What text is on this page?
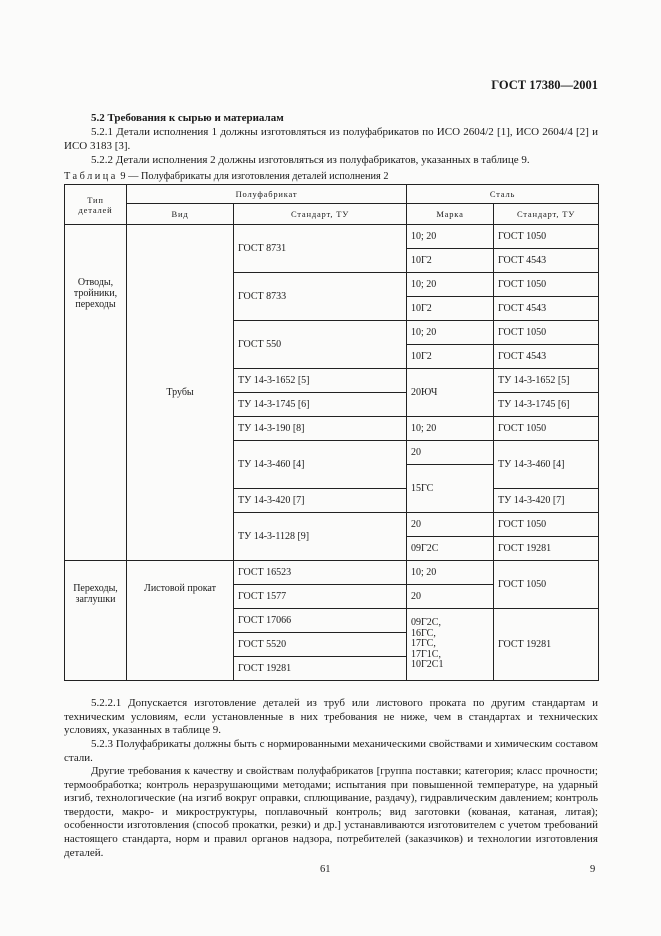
ГОСТ 17380—2001
5.2 Требования к сырью и материалам
5.2.1 Детали исполнения 1 должны изготовляться из полуфабрикатов по ИСО 2604/2 [1], ИСО 2604/4 [2] и ИСО 3183 [3].
5.2.2 Детали исполнения 2 должны изготовляться из полуфабрикатов, указанных в таблице 9.
Таблица 9 — Полуфабрикаты для изготовления деталей исполнения 2
Тип деталей	Полуфабрикат		Сталь	
	Вид	Стандарт, ТУ	Марка	Стандарт, ТУ
Отводы, тройники, переходы	Трубы	ГОСТ 8731	10; 20	ГОСТ 1050
			10Г2	ГОСТ 4543
		ГОСТ 8733	10; 20	ГОСТ 1050
			10Г2	ГОСТ 4543
		ГОСТ 550	10; 20	ГОСТ 1050
			10Г2	ГОСТ 4543
		ТУ 14-3-1652 [5]	20ЮЧ	ТУ 14-3-1652 [5]
		ТУ 14-3-1745 [6]		ТУ 14-3-1745 [6]
		ТУ 14-3-190 [8]	10; 20	ГОСТ 1050
		ТУ 14-3-460 [4]	20	ТУ 14-3-460 [4]
			15ГС	
		ТУ 14-3-420 [7]		ТУ 14-3-420 [7]
		ТУ 14-3-1128 [9]	20	ГОСТ 1050
			09Г2С	ГОСТ 19281
Переходы, заглушки	Листовой прокат	ГОСТ 16523	10; 20	ГОСТ 1050
		ГОСТ 1577	20	
		ГОСТ 17066	09Г2С, 16ГС, 17ГС, 17Г1С, 10Г2С1	ГОСТ 19281
		ГОСТ 5520		
		ГОСТ 19281		
5.2.2.1 Допускается изготовление деталей из труб или листового проката по другим стандартам и техническим условиям, если установленные в них требования не ниже, чем в стандартах и технических условиях, указанных в таблице 9.
5.2.3 Полуфабрикаты должны быть с нормированными механическими свойствами и химическим составом стали.
Другие требования к качеству и свойствам полуфабрикатов [группа поставки; категория; класс прочности; термообработка; контроль неразрушающими методами; испытания при повышенной температуре, на ударный изгиб, технологические (на изгиб вокруг оправки, сплющивание, раздачу), гидравлическим давлением; контроль твердости, макро- и микроструктуры, поплавочный контроль; вид заготовки (кованая, катаная, литая); особенности изготовления (способ прокатки, резки) и др.] устанавливаются изготовителем с учетом требований настоящего стандарта, норм и правил органов надзора, потребителей (заказчиков) и технологии изготовления деталей.
61	9
